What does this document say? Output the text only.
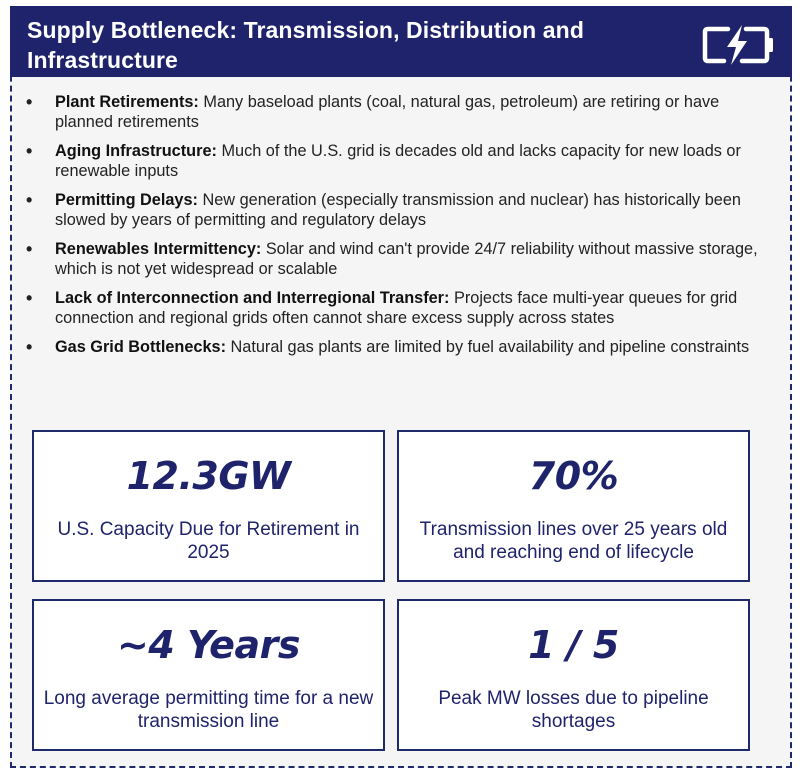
Supply Bottleneck: Transmission, Distribution and Infrastructure
• Plant Retirements: Many baseload plants (coal, natural gas, petroleum) are retiring or have planned retirements
• Aging Infrastructure: Much of the U.S. grid is decades old and lacks capacity for new loads or renewable inputs
• Permitting Delays: New generation (especially transmission and nuclear) has historically been slowed by years of permitting and regulatory delays
• Renewables Intermittency: Solar and wind can't provide 24/7 reliability without massive storage, which is not yet widespread or scalable
• Lack of Interconnection and Interregional Transfer: Projects face multi-year queues for grid connection and regional grids often cannot share excess supply across states
• Gas Grid Bottlenecks: Natural gas plants are limited by fuel availability and pipeline constraints
12.3GW
U.S. Capacity Due for Retirement in 2025
70%
Transmission lines over 25 years old and reaching end of lifecycle
~4 Years
Long average permitting time for a new transmission line
1 / 5
Peak MW losses due to pipeline shortages
